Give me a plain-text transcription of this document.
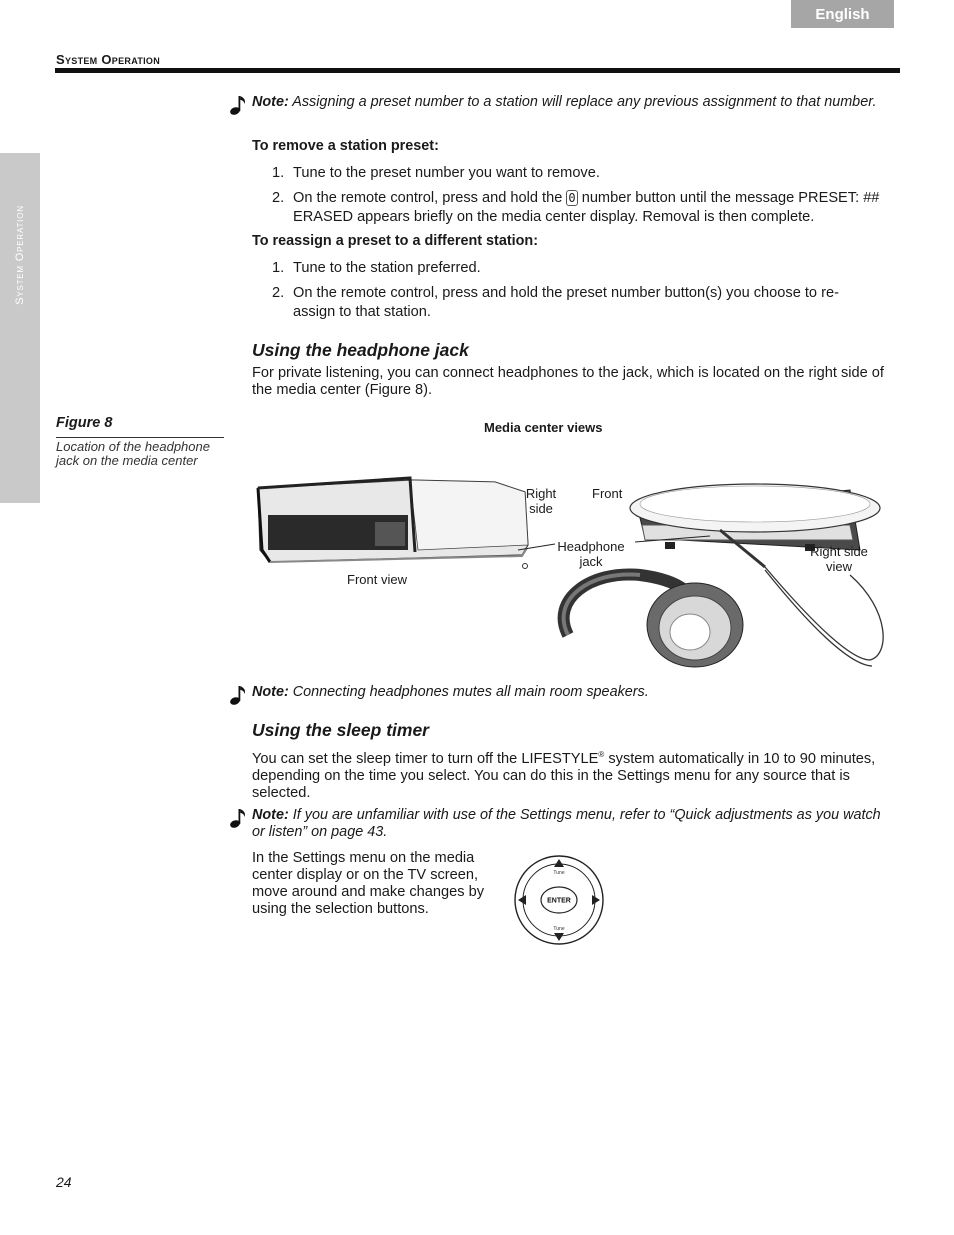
English
System Operation
System Operation
Note: Assigning a preset number to a station will replace any previous assignment to that number.
To remove a station preset:
1. Tune to the preset number you want to remove.
2. On the remote control, press and hold the 0 number button until the message PRESET: ## ERASED appears briefly on the media center display. Removal is then complete.
To reassign a preset to a different station:
1. Tune to the station preferred.
2. On the remote control, press and hold the preset number button(s) you choose to re-assign to that station.
Using the headphone jack
For private listening, you can connect headphones to the jack, which is located on the right side of the media center (Figure 8).
Figure 8
Location of the headphone jack on the media center
Media center views
Right side
Front
Headphone jack
Front view
Right side view
Note: Connecting headphones mutes all main room speakers.
Using the sleep timer
You can set the sleep timer to turn off the LIFESTYLE® system automatically in 10 to 90 minutes, depending on the time you select. You can do this in the Settings menu for any source that is selected.
Note: If you are unfamiliar with use of the Settings menu, refer to “Quick adjustments as you watch or listen” on page 43.
In the Settings menu on the media center display or on the TV screen, move around and make changes by using the selection buttons.	ENTER
Tune
Tune
24
